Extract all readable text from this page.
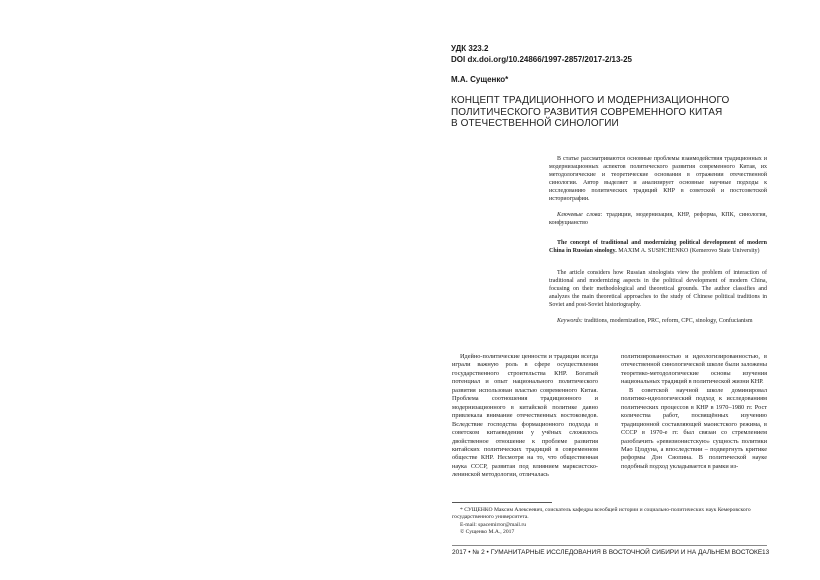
УДК 323.2
DOI dx.doi.org/10.24866/1997-2857/2017-2/13-25
М.А. Сущенко*
КОНЦЕПТ ТРАДИЦИОННОГО И МОДЕРНИЗАЦИОННОГО
ПОЛИТИЧЕСКОГО РАЗВИТИЯ СОВРЕМЕННОГО КИТАЯ
В ОТЕЧЕСТВЕННОЙ СИНОЛОГИИ

В статье рассматриваются основные проблемы взаимодействия традиционных и модернизационных аспектов политического развития современного Китая, их методологические и теоретические основания в отражении отечественной синологии. Автор выделяет и анализирует основные научные подходы к исследованию политических традиций КНР в советской и постсоветской историографии.

Ключевые слова: традиции, модернизация, КНР, реформа, КПК, синология, конфуцианство

The concept of traditional and modernizing political development of modern China in Russian sinology. MAXIM A. SUSHCHENKO (Kemerovo State University)

The article considers how Russian sinologists view the problem of interaction of traditional and modernizing aspects in the political development of modern China, focusing on their methodological and theoretical grounds. The author classifies and analyzes the main theoretical approaches to the study of Chinese political traditions in Soviet and post-Soviet historiography.

Keywords: traditions, modernization, PRC, reform, CPC, sinology, Confucianism

Идейно-политические ценности и традиции всегда играли важную роль в сфере осуществления государственного строительства КНР. Богатый потенциал и опыт национального политического развития использован властью современного Китая. Проблема соотношения традиционного и модернизационного в китайской политике давно привлекала внимание отечественных востоковедов. Вследствие господства формационного подхода в советском китаеведении у учёных сложилось двойственное отношение к проблеме развития китайских политических традиций в современном обществе КНР. Несмотря на то, что общественная наука СССР, развитая под влиянием марксистско-ленинской методологии, отличалась

политизированностью и идеологизированностью, в отечественной синологической школе были заложены теоретико-методологические основы изучения национальных традиций в политической жизни КНР.

В советской научной школе доминировал политико-идеологический подход к исследованиям политических процессов в КНР в 1970–1980 гг. Рост количества работ, посвящённых изучению традиционной составляющей маоистского режима, в СССР в 1970-е гг. был связан со стремлением разоблачить «ревизионистскую» сущность политики Мао Цзэдуна, а впоследствии – подвергнуть критике реформы Дэн Сяопина. В политической науке подобный подход укладывается в рамки из-

* СУЩЕНКО Максим Алексеевич, соискатель кафедры всеобщей истории и социально-политических наук Кемеровского государственного университета.

E-mail: spacemirror@mail.ru

© Сущенко М.А., 2017

2017 • № 2 • ГУМАНИТАРНЫЕ ИССЛЕДОВАНИЯ В ВОСТОЧНОЙ СИБИРИ И НА ДАЛЬНЕМ ВОСТОКЕ 13
